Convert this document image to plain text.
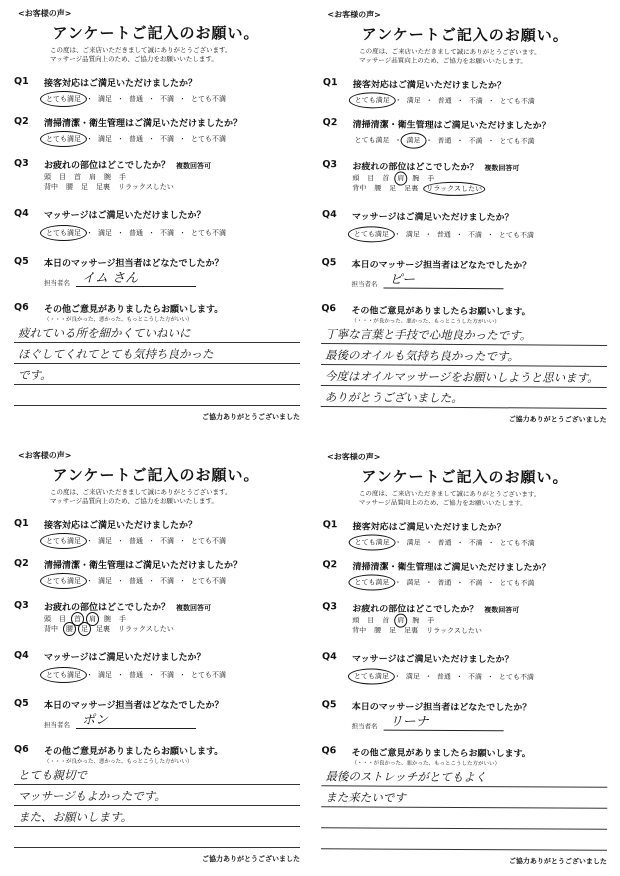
<お客様の声>
アンケートご記入のお願い。
この度は、ご来店いただきまして誠にありがとうございます。
マッサージ品質向上のため、ご協力をお願いいたします。
Q1 接客対応はご満足いただけましたか？
とても満足 ・ 満足 ・ 普通 ・ 不満 ・ とても不満
Q2 清掃清潔・衛生管理はご満足いただけましたか？
とても満足 ・ 満足 ・ 普通 ・ 不満 ・ とても不満
Q3 お疲れの部位はどこでしたか？ 複数回答可
頭 目 首 肩 腕 手
背中 腰 足 足裏 リラックスしたい
Q4 マッサージはご満足いただけましたか？
とても満足 ・ 満足 ・ 普通 ・ 不満 ・ とても不満
Q5 本日のマッサージ担当者はどなたでしたか？
担当者名 イム さん
Q6 その他ご意見がありましたらお願いします。
（・・・が良かった、悪かった、もっとこうした方がいい）
疲れている所を細かくていねいに
ほぐしてくれてとても気持ち良かった
です。
ご協力ありがとうございました
<お客様の声>
アンケートご記入のお願い。
この度は、ご来店いただきまして誠にありがとうございます。
マッサージ品質向上のため、ご協力をお願いいたします。
Q1 接客対応はご満足いただけましたか？
とても満足 ・ 満足 ・ 普通 ・ 不満 ・ とても不満
Q2 清掃清潔・衛生管理はご満足いただけましたか？
とても満足 ・ 満足 ・ 普通 ・ 不満 ・ とても不満
Q3 お疲れの部位はどこでしたか？ 複数回答可
頭 目 首 肩 腕 手
背中 腰 足 足裏 リラックスしたい
Q4 マッサージはご満足いただけましたか？
とても満足 ・ 満足 ・ 普通 ・ 不満 ・ とても不満
Q5 本日のマッサージ担当者はどなたでしたか？
担当者名 ピー
Q6 その他ご意見がありましたらお願いします。
（・・・が良かった、悪かった、もっとこうした方がいい）
丁寧な言葉と手技で心地良かったです。
最後のオイルも気持ち良かったです。
今度はオイルマッサージをお願いしようと思います。
ありがとうございました。
ご協力ありがとうございました
<お客様の声>
アンケートご記入のお願い。
この度は、ご来店いただきまして誠にありがとうございます。
マッサージ品質向上のため、ご協力をお願いいたします。
Q1 接客対応はご満足いただけましたか？
とても満足 ・ 満足 ・ 普通 ・ 不満 ・ とても不満
Q2 清掃清潔・衛生管理はご満足いただけましたか？
とても満足 ・ 満足 ・ 普通 ・ 不満 ・ とても不満
Q3 お疲れの部位はどこでしたか？ 複数回答可
頭 目 首 肩 腕 手
背中 腰 足 足裏 リラックスしたい
Q4 マッサージはご満足いただけましたか？
とても満足 ・ 満足 ・ 普通 ・ 不満 ・ とても不満
Q5 本日のマッサージ担当者はどなたでしたか？
担当者名 ポン
Q6 その他ご意見がありましたらお願いします。
（・・・が良かった、悪かった、もっとこうした方がいい）
とても親切で
マッサージもよかったです。
また、お願いします。
ご協力ありがとうございました
<お客様の声>
アンケートご記入のお願い。
この度は、ご来店いただきまして誠にありがとうございます。
マッサージ品質向上のため、ご協力をお願いいたします。
Q1 接客対応はご満足いただけましたか？
とても満足 ・ 満足 ・ 普通 ・ 不満 ・ とても不満
Q2 清掃清潔・衛生管理はご満足いただけましたか？
とても満足 ・ 満足 ・ 普通 ・ 不満 ・ とても不満
Q3 お疲れの部位はどこでしたか？ 複数回答可
頭 目 首 肩 腕 手
背中 腰 足 足裏 リラックスしたい
Q4 マッサージはご満足いただけましたか？
とても満足 ・ 満足 ・ 普通 ・ 不満 ・ とても不満
Q5 本日のマッサージ担当者はどなたでしたか？
担当者名 リーナ
Q6 その他ご意見がありましたらお願いします。
（・・・が良かった、悪かった、もっとこうした方がいい）
最後のストレッチがとてもよく
また来たいです
ご協力ありがとうございました
